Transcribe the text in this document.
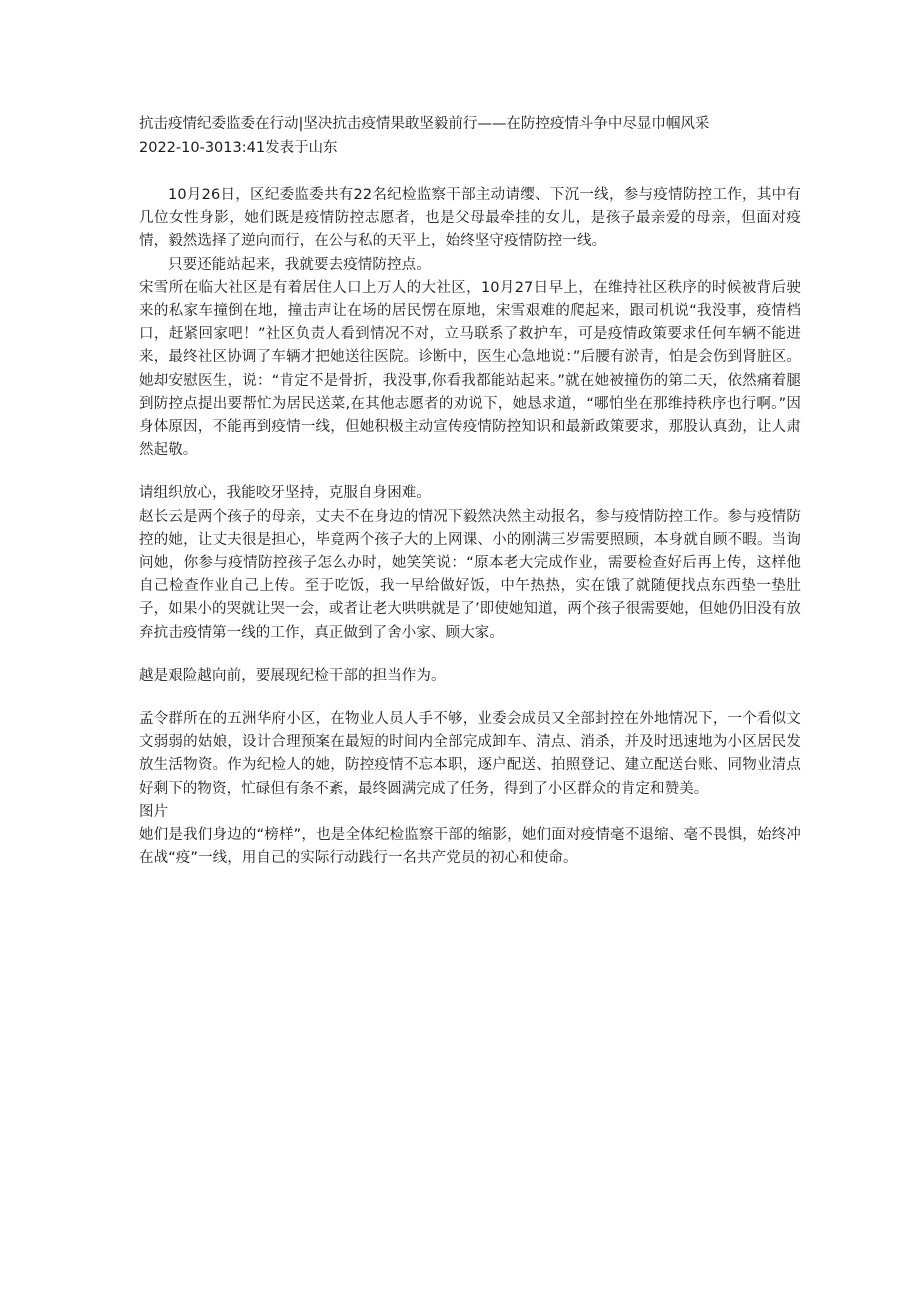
抗击疫情纪委监委在行动|坚决抗击疫情果敢坚毅前行——在防控疫情斗争中尽显巾帼风采
2022-10-3013:41发表于山东

10月26日，区纪委监委共有22名纪检监察干部主动请缨、下沉一线，参与疫情防控工作，其中有几位女性身影，她们既是疫情防控志愿者，也是父母最牵挂的女儿，是孩子最亲爱的母亲，但面对疫情，毅然选择了逆向而行，在公与私的天平上，始终坚守疫情防控一线。

只要还能站起来，我就要去疫情防控点。

宋雪所在临大社区是有着居住人口上万人的大社区，10月27日早上，在维持社区秩序的时候被背后驶来的私家车撞倒在地，撞击声让在场的居民愣在原地，宋雪艰难的爬起来，跟司机说“我没事，疫情档口，赶紧回家吧！”社区负责人看到情况不对，立马联系了救护车，可是疫情政策要求任何车辆不能进来，最终社区协调了车辆才把她送往医院。诊断中，医生心急地说：”后腰有淤青，怕是会伤到肾脏区。她却安慰医生，说：“肯定不是骨折，我没事,你看我都能站起来。”就在她被撞伤的第二天，依然痛着腿到防控点提出要帮忙为居民送菜,在其他志愿者的劝说下，她恳求道，“哪怕坐在那维持秩序也行啊。”因身体原因，不能再到疫情一线，但她积极主动宣传疫情防控知识和最新政策要求，那股认真劲，让人肃然起敬。

请组织放心，我能咬牙坚持，克服自身困难。

赵长云是两个孩子的母亲，丈夫不在身边的情况下毅然决然主动报名，参与疫情防控工作。参与疫情防控的她，让丈夫很是担心，毕竟两个孩子大的上网课、小的刚满三岁需要照顾，本身就自顾不暇。当询问她，你参与疫情防控孩子怎么办时，她笑笑说：“原本老大完成作业，需要检查好后再上传，这样他自己检查作业自己上传。至于吃饭，我一早给做好饭，中午热热，实在饿了就随便找点东西垫一垫肚子，如果小的哭就让哭一会，或者让老大哄哄就是了’即使她知道，两个孩子很需要她，但她仍旧没有放弃抗击疫情第一线的工作，真正做到了舍小家、顾大家。

越是艰险越向前，要展现纪检干部的担当作为。

孟令群所在的五洲华府小区，在物业人员人手不够，业委会成员又全部封控在外地情况下，一个看似文文弱弱的姑娘，设计合理预案在最短的时间内全部完成卸车、清点、消杀，并及时迅速地为小区居民发放生活物资。作为纪检人的她，防控疫情不忘本职，逐户配送、拍照登记、建立配送台账、同物业清点好剩下的物资，忙碌但有条不紊，最终圆满完成了任务，得到了小区群众的肯定和赞美。

图片

她们是我们身边的“榜样”，也是全体纪检监察干部的缩影，她们面对疫情毫不退缩、毫不畏惧，始终冲在战“疫”一线，用自己的实际行动践行一名共产党员的初心和使命。
